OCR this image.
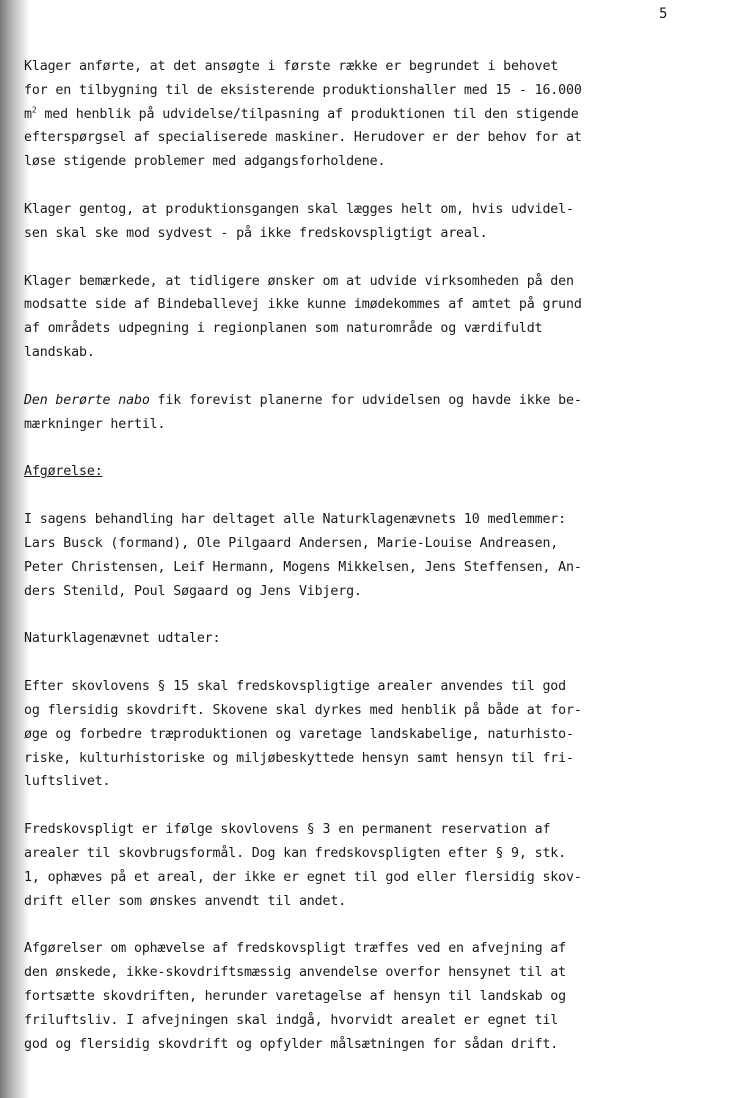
5
Klager anførte, at det ansøgte i første række er begrundet i behovet
for en tilbygning til de eksisterende produktionshaller med 15 - 16.000
$m^2$ med henblik på udvidelse/tilpasning af produktionen til den stigende
efterspørgsel af specialiserede maskiner. Herudover er der behov for at
løse stigende problemer med adgangsforholdene.
Klager gentog, at produktionsgangen skal lægges helt om, hvis udvidel-
sen skal ske mod sydvest - på ikke fredskovspligtigt areal.
Klager bemærkede, at tidligere ønsker om at udvide virksomheden på den
modsatte side af Bindeballevej ikke kunne imødekommes af amtet på grund
af områdets udpegning i regionplanen som naturområde og værdifuldt
landskab.
Den berørte nabo fik forevist planerne for udvidelsen og havde ikke be-
mærkninger hertil.
Afgørelse:
I sagens behandling har deltaget alle Naturklagenævnets 10 medlemmer:
Lars Busck (formand), Ole Pilgaard Andersen, Marie-Louise Andreasen,
Peter Christensen, Leif Hermann, Mogens Mikkelsen, Jens Steffensen, An-
ders Stenild, Poul Søgaard og Jens Vibjerg.
Naturklagenævnet udtaler:
Efter skovlovens § 15 skal fredskovspligtige arealer anvendes til god
og flersidig skovdrift. Skovene skal dyrkes med henblik på både at for-
øge og forbedre træproduktionen og varetage landskabelige, naturhisto-
riske, kulturhistoriske og miljøbeskyttede hensyn samt hensyn til fri-
luftslivet.
Fredskovspligt er ifølge skovlovens § 3 en permanent reservation af
arealer til skovbrugsformål. Dog kan fredskovspligten efter § 9, stk.
1, ophæves på et areal, der ikke er egnet til god eller flersidig skov-
drift eller som ønskes anvendt til andet.
Afgørelser om ophævelse af fredskovspligt træffes ved en afvejning af
den ønskede, ikke-skovdriftsmæssig anvendelse overfor hensynet til at
fortsætte skovdriften, herunder varetagelse af hensyn til landskab og
friluftsliv. I afvejningen skal indgå, hvorvidt arealet er egnet til
god og flersidig skovdrift og opfylder målsætningen for sådan drift.
